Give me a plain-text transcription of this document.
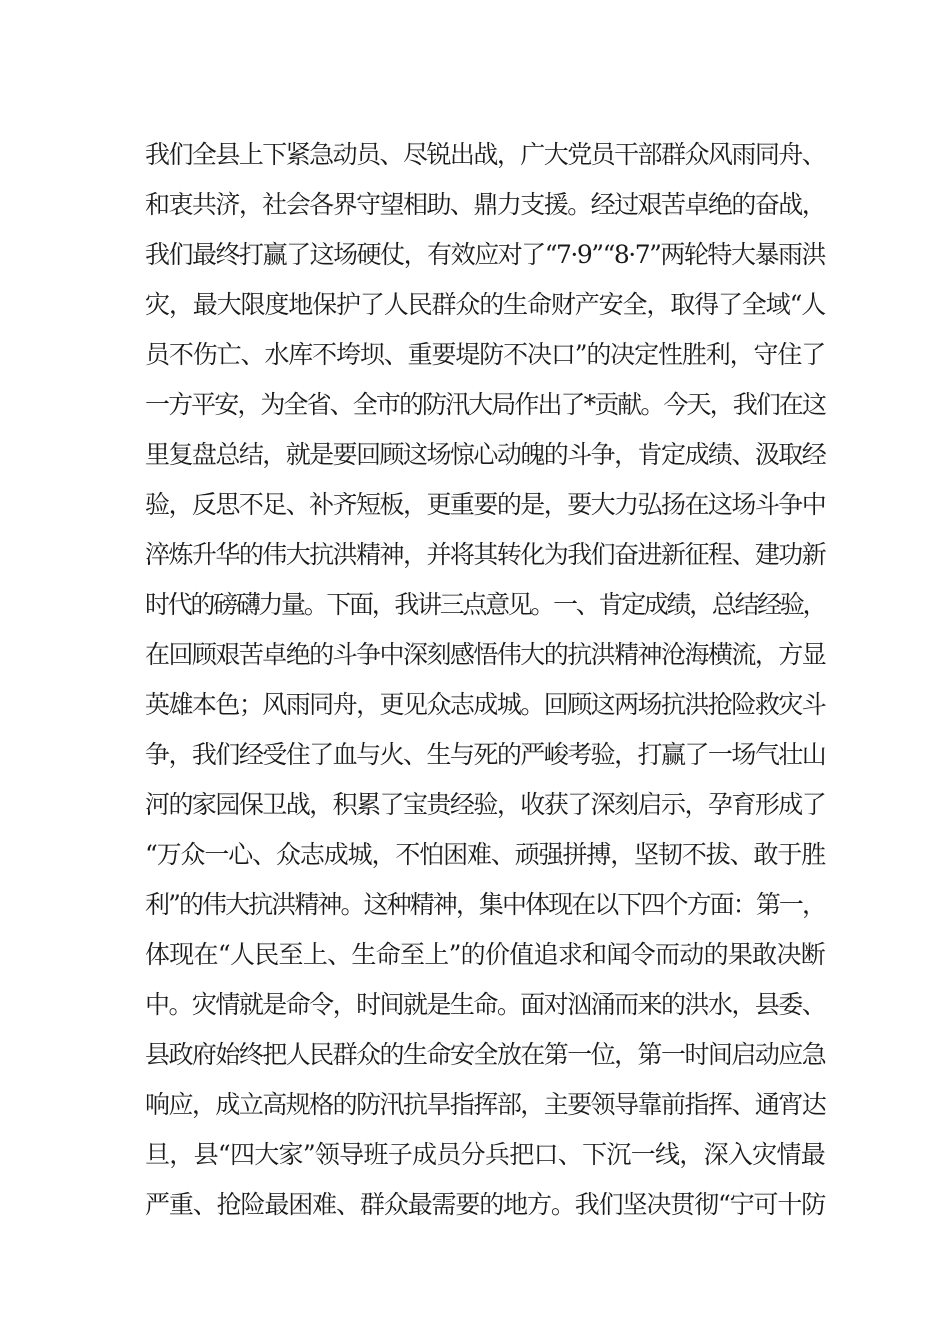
我们全县上下紧急动员、尽锐出战，广大党员干部群众风雨同舟、
和衷共济，社会各界守望相助、鼎力支援。经过艰苦卓绝的奋战，
我们最终打赢了这场硬仗，有效应对了“7·9”“8·7”两轮特大暴雨洪
灾，最大限度地保护了人民群众的生命财产安全，取得了全域“人
员不伤亡、水库不垮坝、重要堤防不决口”的决定性胜利，守住了
一方平安，为全省、全市的防汛大局作出了*贡献。今天，我们在这
里复盘总结，就是要回顾这场惊心动魄的斗争，肯定成绩、汲取经
验，反思不足、补齐短板，更重要的是，要大力弘扬在这场斗争中
淬炼升华的伟大抗洪精神，并将其转化为我们奋进新征程、建功新
时代的磅礴力量。下面，我讲三点意见。一、肯定成绩，总结经验，
在回顾艰苦卓绝的斗争中深刻感悟伟大的抗洪精神沧海横流，方显
英雄本色；风雨同舟，更见众志成城。回顾这两场抗洪抢险救灾斗
争，我们经受住了血与火、生与死的严峻考验，打赢了一场气壮山
河的家园保卫战，积累了宝贵经验，收获了深刻启示，孕育形成了
“万众一心、众志成城，不怕困难、顽强拼搏，坚韧不拔、敢于胜
利”的伟大抗洪精神。这种精神，集中体现在以下四个方面：第一，
体现在“人民至上、生命至上”的价值追求和闻令而动的果敢决断
中。灾情就是命令，时间就是生命。面对汹涌而来的洪水，县委、
县政府始终把人民群众的生命安全放在第一位，第一时间启动应急
响应，成立高规格的防汛抗旱指挥部，主要领导靠前指挥、通宵达
旦，县“四大家”领导班子成员分兵把口、下沉一线，深入灾情最
严重、抢险最困难、群众最需要的地方。我们坚决贯彻“宁可十防
